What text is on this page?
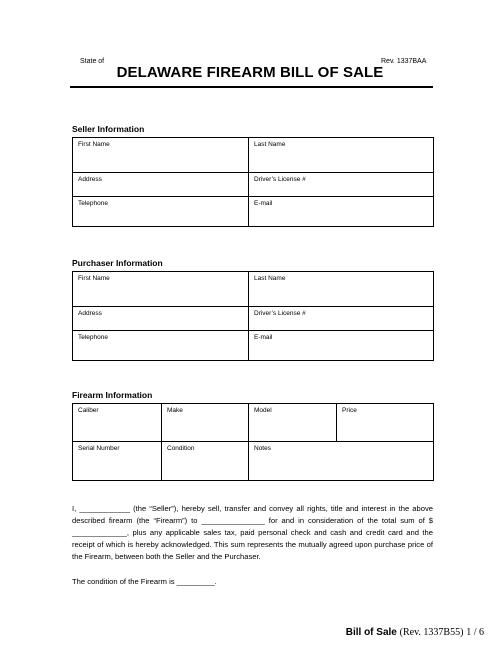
State of	Rev. 1337BAA
DELAWARE FIREARM BILL OF SALE
Seller Information
First Name	Last Name
Address	Driver’s License #
Telephone	E-mail
Purchaser Information
First Name	Last Name
Address	Driver’s License #
Telephone	E-mail
Firearm Information
Caliber	Make	Model	Price
Serial Number	Condition	Notes	
I, ____________ (the “Seller”), hereby sell, transfer and convey all rights, title and interest in the above described firearm (the “Firearm”) to _______________ for and in consideration of the total sum of $ _____________, plus any applicable sales tax, paid personal check and cash and credit card and the receipt of which is hereby acknowledged. This sum represents the mutually agreed upon purchase price of the Firearm, between both the Seller and the Purchaser.
The condition of the Firearm is _________.
Bill of Sale (Rev. 1337B55) 1 / 6
